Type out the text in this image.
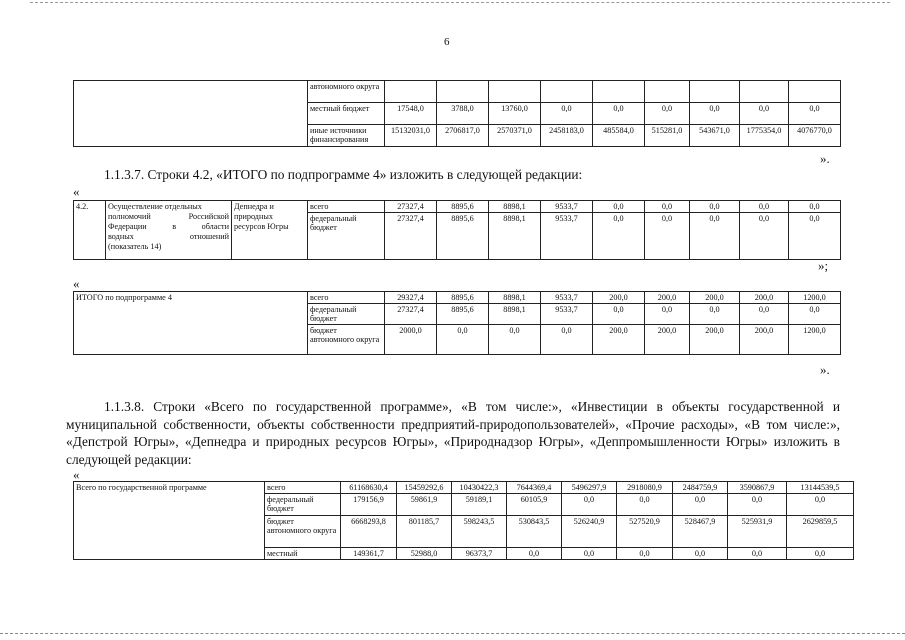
6
	автономного округа									
	местный бюджет	17548,0	3788,0	13760,0	0,0	0,0	0,0	0,0	0,0	0,0
	иные источники финансирования	15132031,0	2706817,0	2570371,0	2458183,0	485584,0	515281,0	543671,0	1775354,0	4076770,0
».
1.1.3.7. Строки 4.2, «ИТОГО по подпрограмме 4» изложить в следующей редакции:
«
4.2.	Осуществление отдельных
полномочий Российской
Федерации в области
водных отношений
(показатель 14)	Депнедра и природных ресурсов Югры	всего	27327,4	8895,6	8898,1	9533,7	0,0	0,0	0,0	0,0	0,0
			федеральный бюджет	27327,4	8895,6	8898,1	9533,7	0,0	0,0	0,0	0,0	0,0
»;
«
ИТОГО по подпрограмме 4	всего	29327,4	8895,6	8898,1	9533,7	200,0	200,0	200,0	200,0	1200,0
	федеральный бюджет	27327,4	8895,6	8898,1	9533,7	0,0	0,0	0,0	0,0	0,0
	бюджет автономного округа	2000,0	0,0	0,0	0,0	200,0	200,0	200,0	200,0	1200,0
».
1.1.3.8. Строки «Всего по государственной программе», «В том числе:», «Инвестиции в объекты государственной и муниципальной собственности, объекты собственности предприятий-природопользователей», «Прочие расходы», «В том числе:», «Депстрой Югры», «Депнедра и природных ресурсов Югры», «Природнадзор Югры», «Деппромышленности Югры» изложить в следующей редакции:
«
Всего по государственной программе	всего	61168630,4	15459292,6	10430422,3	7644369,4	5496297,9	2918080,9	2484759,9	3590867,9	13144539,5
	федеральный бюджет	179156,9	59861,9	59189,1	60105,9	0,0	0,0	0,0	0,0	0,0
	бюджет автономного округа	6668293,8	801185,7	598243,5	530843,5	526240,9	527520,9	528467,9	525931,9	2629859,5
	местный	149361,7	52988,0	96373,7	0,0	0,0	0,0	0,0	0,0	0,0
